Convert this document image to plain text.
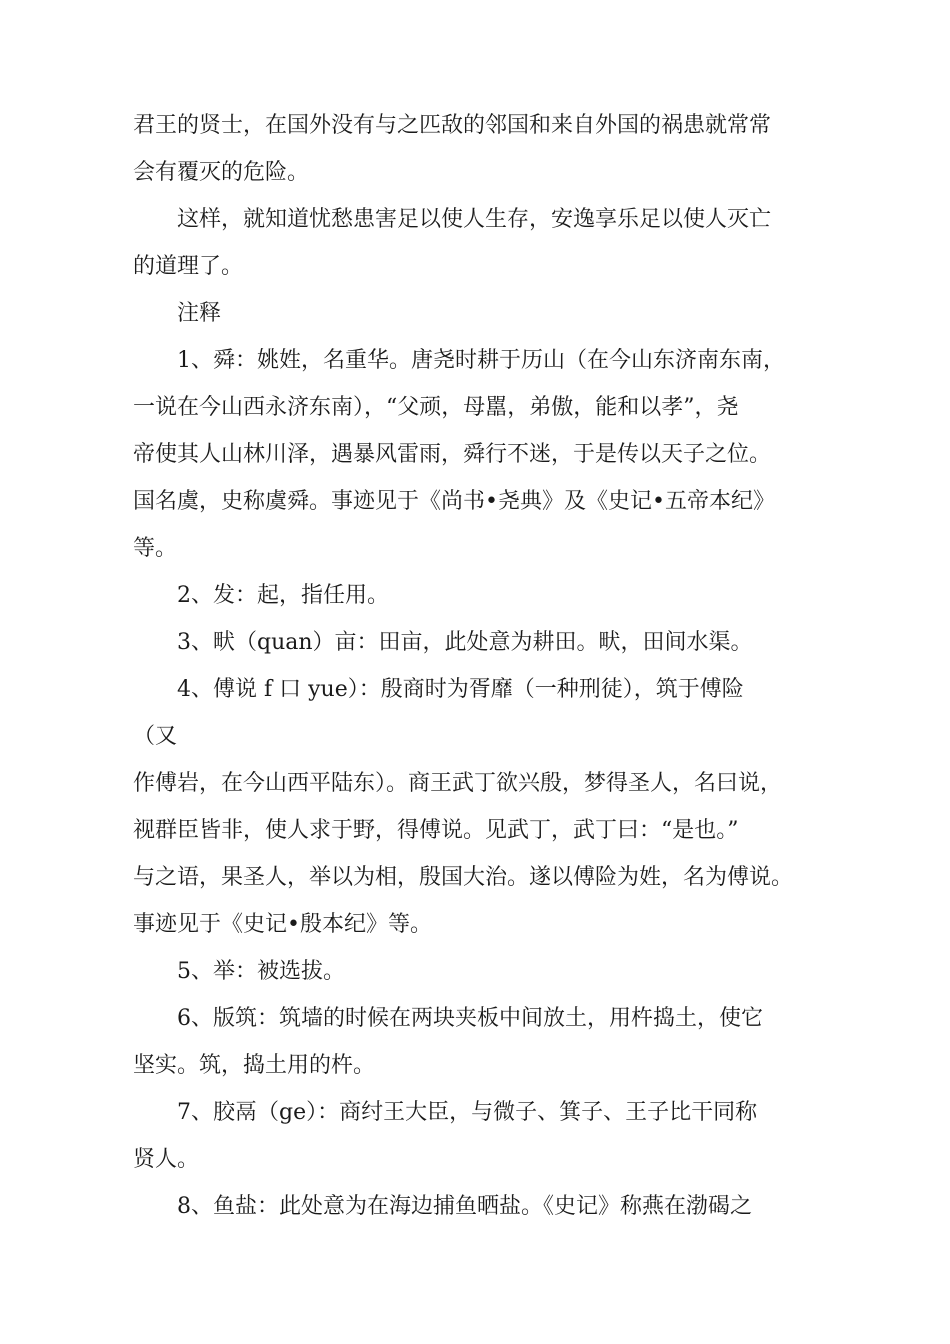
君王的贤士，在国外没有与之匹敌的邻国和来自外国的祸患就常常
会有覆灭的危险。
这样，就知道忧愁患害足以使人生存，安逸享乐足以使人灭亡
的道理了。
注释
1、舜：姚姓，名重华。唐尧时耕于历山（在今山东济南东南，
一说在今山西永济东南），“父顽，母嚚，弟傲，能和以孝”，尧
帝使其人山林川泽，遇暴风雷雨，舜行不迷，于是传以天子之位。
国名虞，史称虞舜。事迹见于《尚书•尧典》及《史记•五帝本纪》
等。
2、发：起，指任用。
3、畎（quan）亩：田亩，此处意为耕田。畎，田间水渠。
4、傅说 f 口 yue）：殷商时为胥靡（一种刑徒），筑于傅险
（又
作傅岩，在今山西平陆东）。商王武丁欲兴殷，梦得圣人，名曰说，
视群臣皆非，使人求于野，得傅说。见武丁，武丁曰：“是也。”
与之语，果圣人，举以为相，殷国大治。遂以傅险为姓，名为傅说。
事迹见于《史记•殷本纪》等。
5、举：被选拔。
6、版筑：筑墙的时候在两块夹板中间放土，用杵捣土，使它
坚实。筑，捣土用的杵。
7、胶鬲（ge）：商纣王大臣，与微子、箕子、王子比干同称
贤人。
8、鱼盐：此处意为在海边捕鱼晒盐。《史记》称燕在渤碣之
